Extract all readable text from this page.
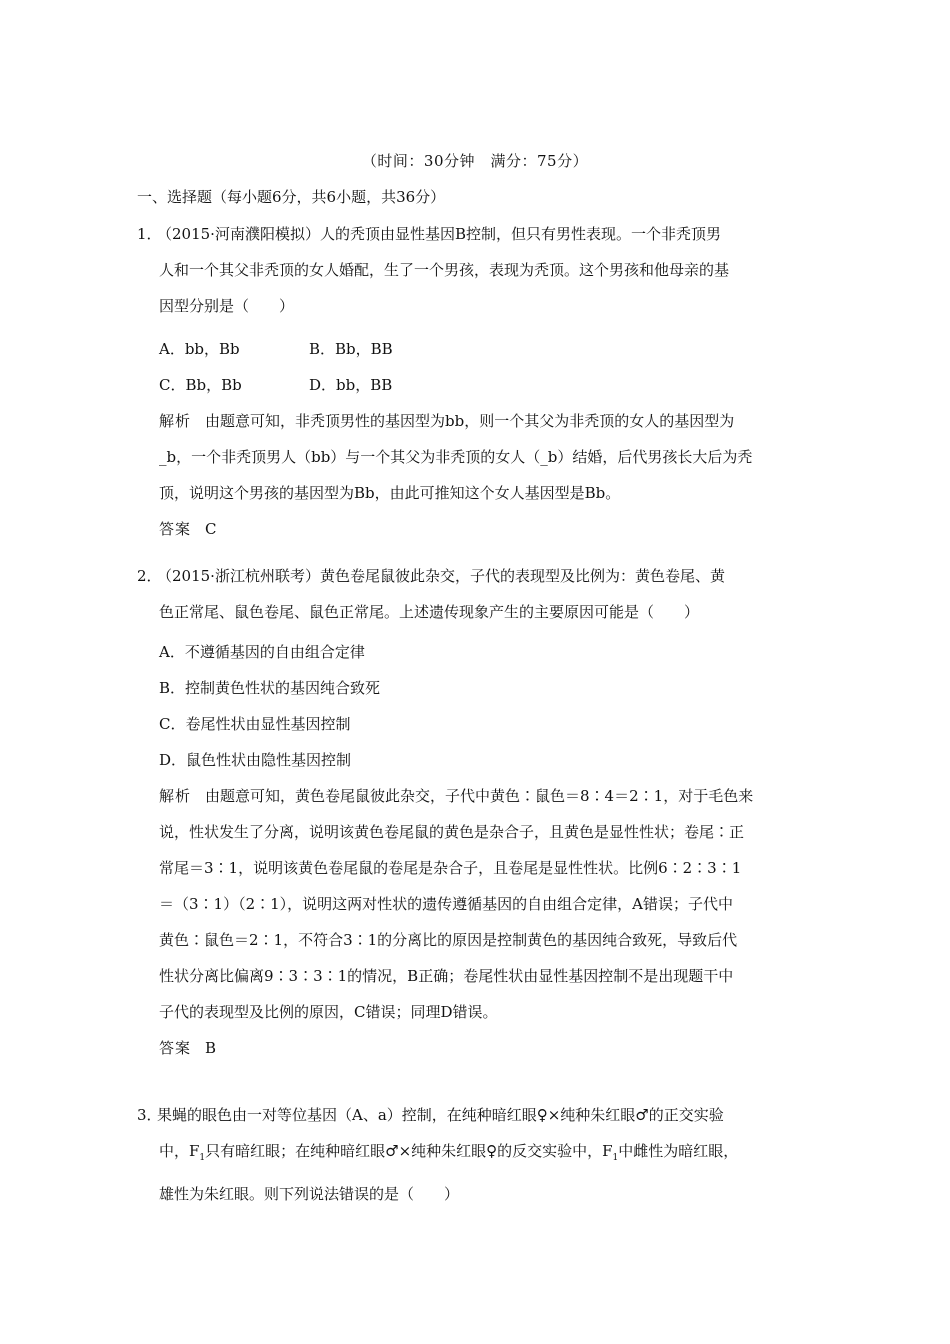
（时间：30分钟　满分：75分）
一、选择题（每小题6分，共6小题，共36分）
1．（2015·河南濮阳模拟）人的秃顶由显性基因B控制，但只有男性表现。一个非秃顶男
人和一个其父非秃顶的女人婚配，生了一个男孩，表现为秃顶。这个男孩和他母亲的基
因型分别是（　　）
A．bb，Bb	B．Bb，BB
C．Bb，Bb	D．bb，BB
解析 由题意可知，非秃顶男性的基因型为bb，则一个其父为非秃顶的女人的基因型为
_b，一个非秃顶男人（bb）与一个其父为非秃顶的女人（_b）结婚，后代男孩长大后为秃
顶，说明这个男孩的基因型为Bb，由此可推知这个女人基因型是Bb。
答案 C
2．（2015·浙江杭州联考）黄色卷尾鼠彼此杂交，子代的表现型及比例为：黄色卷尾、黄
色正常尾、鼠色卷尾、鼠色正常尾。上述遗传现象产生的主要原因可能是（　　）
A．不遵循基因的自由组合定律
B．控制黄色性状的基因纯合致死
C．卷尾性状由显性基因控制
D．鼠色性状由隐性基因控制
解析 由题意可知，黄色卷尾鼠彼此杂交，子代中黄色∶鼠色＝8∶4＝2∶1，对于毛色来
说，性状发生了分离，说明该黄色卷尾鼠的黄色是杂合子，且黄色是显性性状；卷尾∶正
常尾＝3∶1，说明该黄色卷尾鼠的卷尾是杂合子，且卷尾是显性性状。比例6∶2∶3∶1
＝（3∶1）（2∶1），说明这两对性状的遗传遵循基因的自由组合定律，A错误；子代中
黄色∶鼠色＝2∶1，不符合3∶1的分离比的原因是控制黄色的基因纯合致死，导致后代
性状分离比偏离9∶3∶3∶1的情况，B正确；卷尾性状由显性基因控制不是出现题干中
子代的表现型及比例的原因，C错误；同理D错误。
答案 B
3．果蝇的眼色由一对等位基因（A、a）控制，在纯种暗红眼♀×纯种朱红眼♂的正交实验
中，$F_1$只有暗红眼；在纯种暗红眼♂×纯种朱红眼♀的反交实验中，$F_1$中雌性为暗红眼，
雄性为朱红眼。则下列说法错误的是（　　）
